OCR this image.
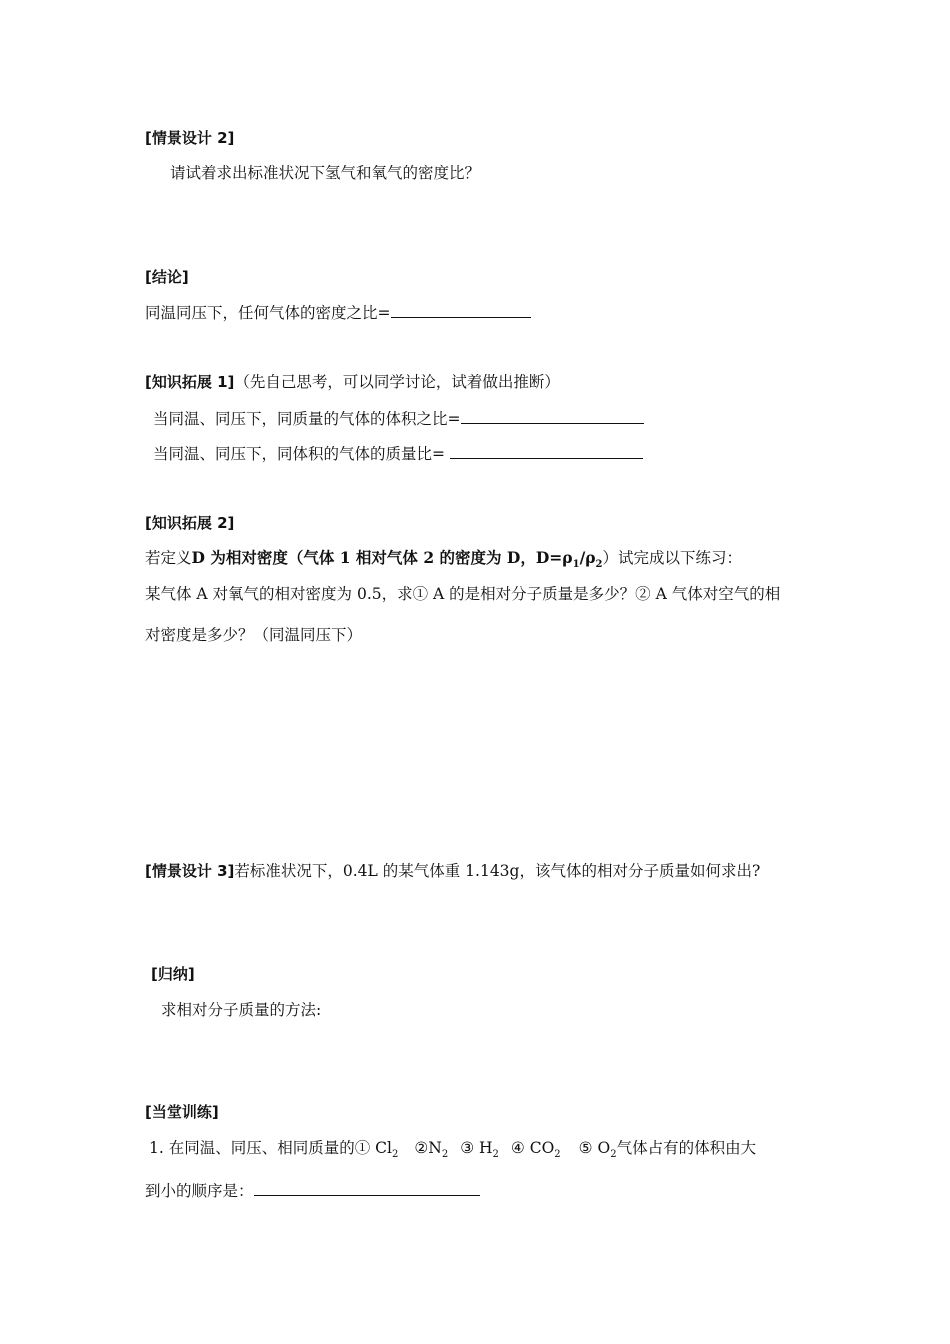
[情景设计 2]
请试着求出标准状况下氢气和氧气的密度比？
[结论]
同温同压下，任何气体的密度之比=
[知识拓展 1]（先自己思考，可以同学讨论，试着做出推断）
当同温、同压下，同质量的气体的体积之比=
当同温、同压下，同体积的气体的质量比=
[知识拓展 2]
若定义D 为相对密度（气体 1 相对气体 2 的密度为 D，$D=\rho_1/\rho_2$）试完成以下练习：
某气体 A 对氧气的相对密度为 0.5，求① A 的是相对分子质量是多少？② A 气体对空气的相
对密度是多少？（同温同压下）
[情景设计 3]若标准状况下，0.4L 的某气体重 1.143g，该气体的相对分子质量如何求出?
[归纳]
求相对分子质量的方法:
[当堂训练]
1. 在同温、同压、相同质量的① $Cl_2$ $②N_2$ ③ $H_2$ ④ $CO_2$ ⑤ $O_2$气体占有的体积由大
到小的顺序是：
